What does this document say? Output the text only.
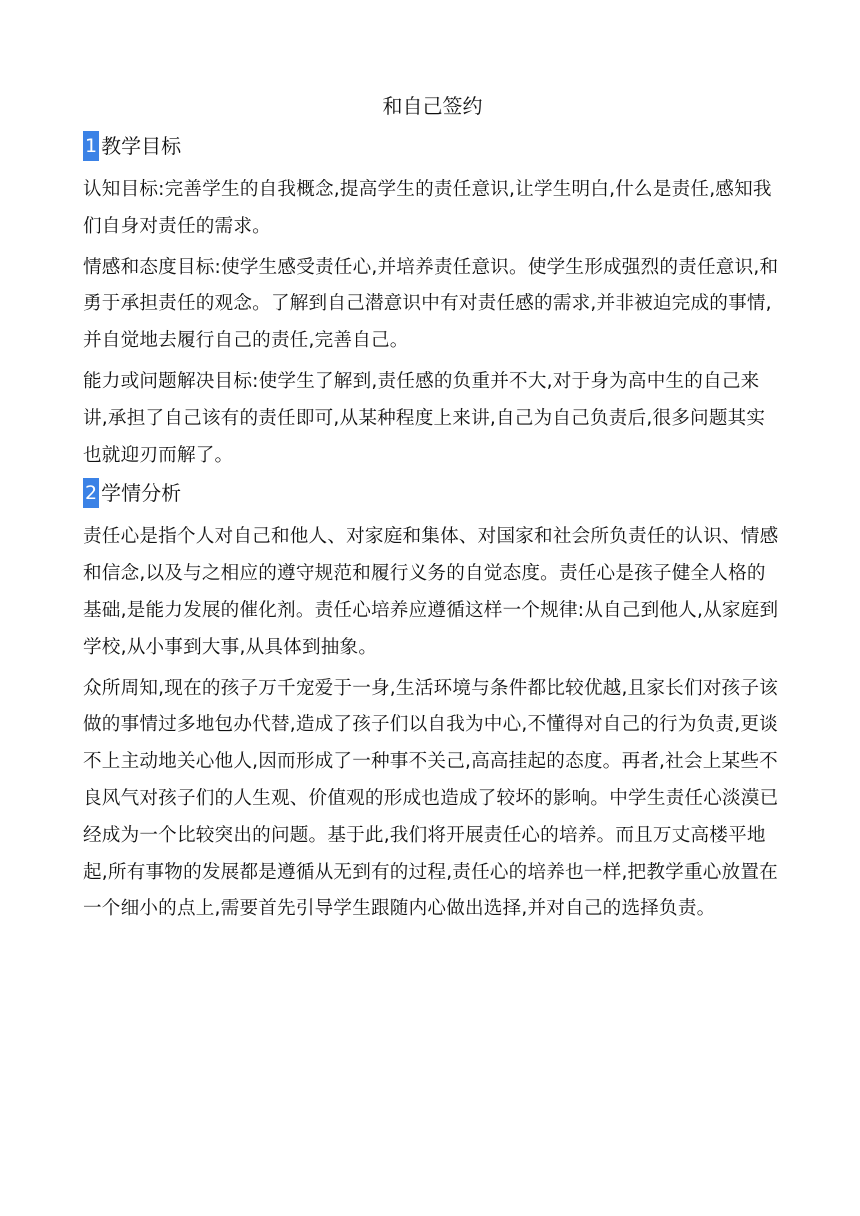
和自己签约
1 教学目标

认知目标:完善学生的自我概念,提高学生的责任意识,让学生明白,什么是责任,感知我们自身对责任的需求。

情感和态度目标:使学生感受责任心,并培养责任意识。使学生形成强烈的责任意识,和勇于承担责任的观念。了解到自己潜意识中有对责任感的需求,并非被迫完成的事情,并自觉地去履行自己的责任,完善自己。

能力或问题解决目标:使学生了解到,责任感的负重并不大,对于身为高中生的自己来讲,承担了自己该有的责任即可,从某种程度上来讲,自己为自己负责后,很多问题其实也就迎刃而解了。

2 学情分析

责任心是指个人对自己和他人、对家庭和集体、对国家和社会所负责任的认识、情感和信念,以及与之相应的遵守规范和履行义务的自觉态度。责任心是孩子健全人格的基础,是能力发展的催化剂。责任心培养应遵循这样一个规律:从自己到他人,从家庭到学校,从小事到大事,从具体到抽象。

众所周知,现在的孩子万千宠爱于一身,生活环境与条件都比较优越,且家长们对孩子该做的事情过多地包办代替,造成了孩子们以自我为中心,不懂得对自己的行为负责,更谈不上主动地关心他人,因而形成了一种事不关己,高高挂起的态度。再者,社会上某些不良风气对孩子们的人生观、价值观的形成也造成了较坏的影响。中学生责任心淡漠已经成为一个比较突出的问题。基于此,我们将开展责任心的培养。而且万丈高楼平地起,所有事物的发展都是遵循从无到有的过程,责任心的培养也一样,把教学重心放置在一个细小的点上,需要首先引导学生跟随内心做出选择,并对自己的选择负责。
